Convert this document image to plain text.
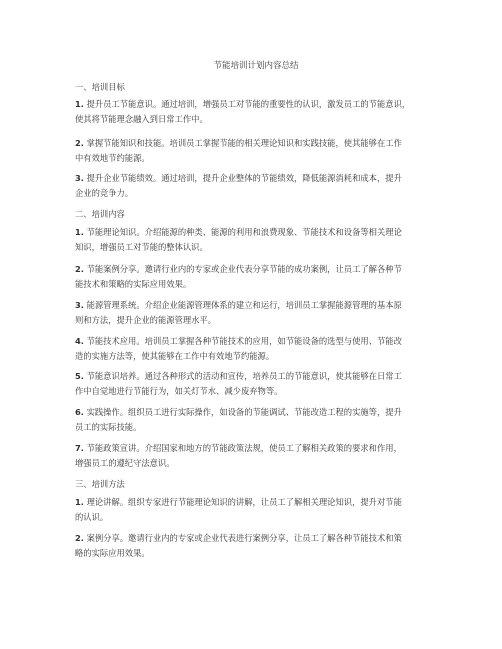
节能培训计划内容总结
一、培训目标
1. 提升员工节能意识。通过培训，增强员工对节能的重要性的认识，激发员工的节能意识，
使其将节能理念融入到日常工作中。
2. 掌握节能知识和技能。培训员工掌握节能的相关理论知识和实践技能，使其能够在工作
中有效地节约能源。
3. 提升企业节能绩效。通过培训，提升企业整体的节能绩效，降低能源消耗和成本，提升
企业的竞争力。
二、培训内容
1. 节能理论知识。介绍能源的种类、能源的利用和浪费现象、节能技术和设备等相关理论
知识，增强员工对节能的整体认识。
2. 节能案例分享。邀请行业内的专家或企业代表分享节能的成功案例，让员工了解各种节
能技术和策略的实际应用效果。
3. 能源管理系统。介绍企业能源管理体系的建立和运行，培训员工掌握能源管理的基本原
则和方法，提升企业的能源管理水平。
4. 节能技术应用。培训员工掌握各种节能技术的应用，如节能设备的选型与使用、节能改
造的实施方法等，使其能够在工作中有效地节约能源。
5. 节能意识培养。通过各种形式的活动和宣传，培养员工的节能意识，使其能够在日常工
作中自觉地进行节能行为，如关灯节水、减少废弃物等。
6. 实践操作。组织员工进行实际操作，如设备的节能调试、节能改造工程的实施等，提升
员工的实际技能。
7. 节能政策宣讲。介绍国家和地方的节能政策法规，使员工了解相关政策的要求和作用，
增强员工的遵纪守法意识。
三、培训方法
1. 理论讲解。组织专家进行节能理论知识的讲解，让员工了解相关理论知识，提升对节能
的认识。
2. 案例分享。邀请行业内的专家或企业代表进行案例分享，让员工了解各种节能技术和策
略的实际应用效果。
